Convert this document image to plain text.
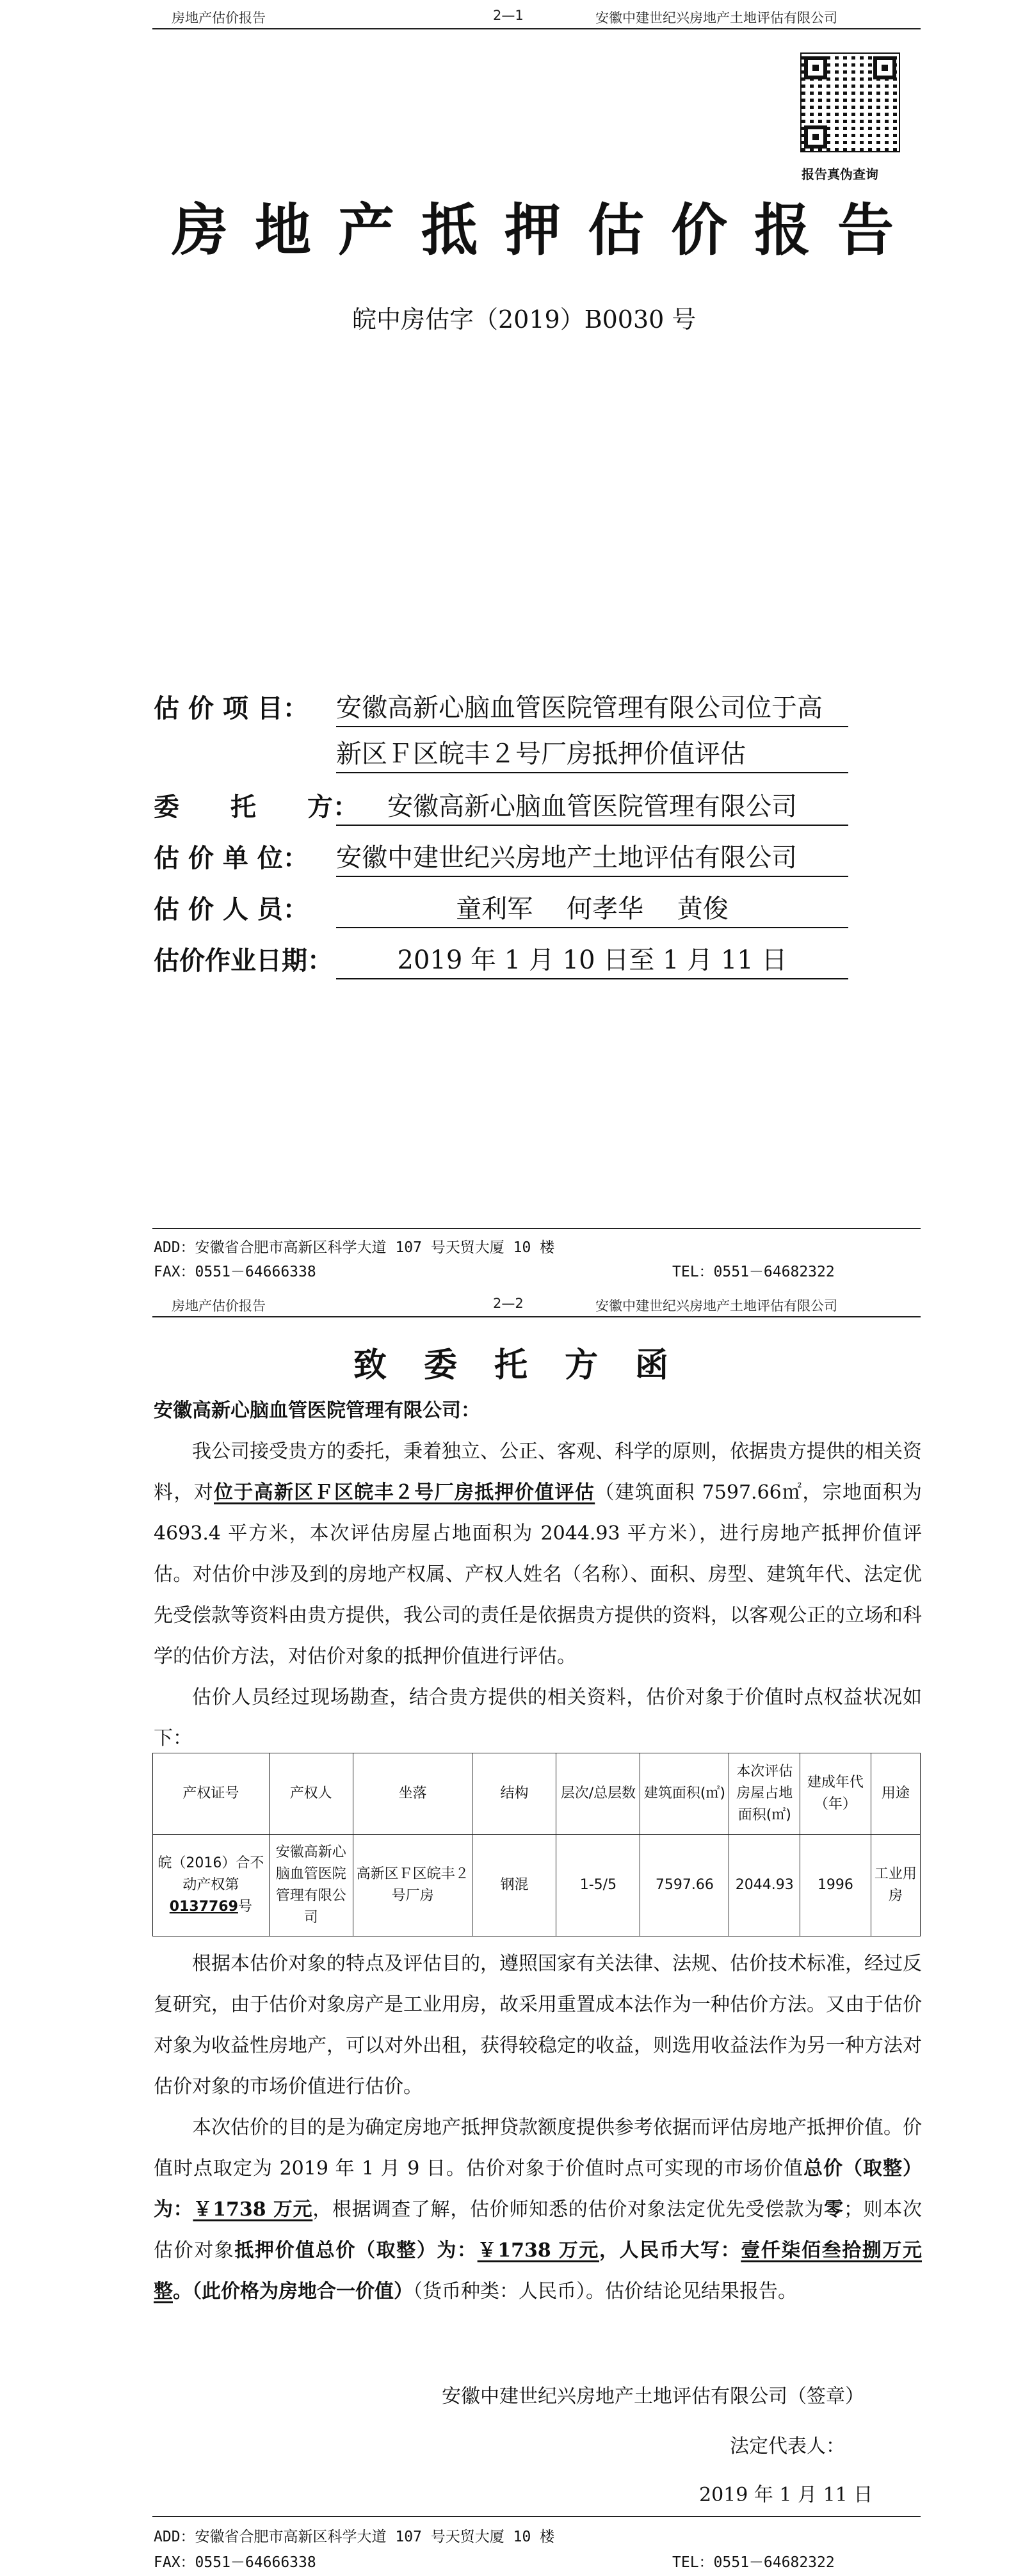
房地产估价报告	2—1	安徽中建世纪兴房地产土地评估有限公司
报告真伪查询
房地产抵押估价报告
皖中房估字（2019）B0030 号
估 价 项 目：	安徽高新心脑血管医院管理有限公司位于高
新区Ｆ区皖丰２号厂房抵押价值评估
委　　托　　方：	安徽高新心脑血管医院管理有限公司
估 价 单 位：	安徽中建世纪兴房地产土地评估有限公司
估 价 人 员：	童利军　 何孝华　 黄俊
估价作业日期：	2019 年 1 月 10 日至 1 月 11 日
ADD：安徽省合肥市高新区科学大道 107 号天贸大厦 10 楼
FAX：0551－64666338	TEL：0551－64682322
房地产估价报告	2—2	安徽中建世纪兴房地产土地评估有限公司
致委托方函
安徽高新心脑血管医院管理有限公司：
我公司接受贵方的委托，秉着独立、公正、客观、科学的原则，依据贵方提供的相关资料，对位于高新区Ｆ区皖丰２号厂房抵押价值评估（建筑面积 7597.66㎡，宗地面积为 4693.4 平方米，本次评估房屋占地面积为 2044.93 平方米），进行房地产抵押价值评估。对估价中涉及到的房地产权属、产权人姓名（名称）、面积、房型、建筑年代、法定优先受偿款等资料由贵方提供，我公司的责任是依据贵方提供的资料，以客观公正的立场和科学的估价方法，对估价对象的抵押价值进行评估。
估价人员经过现场勘查，结合贵方提供的相关资料，估价对象于价值时点权益状况如下：
产权证号	产权人	坐落	结构	层次/总层数	建筑面积(㎡)	本次评估房屋占地面积(㎡)	建成年代（年）	用途
皖（2016）合不动产权第0137769号	安徽高新心脑血管医院管理有限公司	高新区Ｆ区皖丰２号厂房	钢混	1-5/5	7597.66	2044.93	1996	工业用房
根据本估价对象的特点及评估目的，遵照国家有关法律、法规、估价技术标准，经过反复研究，由于估价对象房产是工业用房，故采用重置成本法作为一种估价方法。又由于估价对象为收益性房地产，可以对外出租，获得较稳定的收益，则选用收益法作为另一种方法对估价对象的市场价值进行估价。
本次估价的目的是为确定房地产抵押贷款额度提供参考依据而评估房地产抵押价值。价值时点取定为 2019 年 1 月 9 日。估价对象于价值时点可实现的市场价值总价（取整）为：￥1738 万元，根据调查了解，估价师知悉的估价对象法定优先受偿款为零；则本次估价对象抵押价值总价（取整）为：￥1738 万元，人民币大写：壹仟柒佰叁拾捌万元整。（此价格为房地合一价值）（货币种类：人民币）。估价结论见结果报告。
安徽中建世纪兴房地产土地评估有限公司（签章）
法定代表人：
2019 年 1 月 11 日
ADD：安徽省合肥市高新区科学大道 107 号天贸大厦 10 楼
FAX：0551－64666338	TEL：0551－64682322
